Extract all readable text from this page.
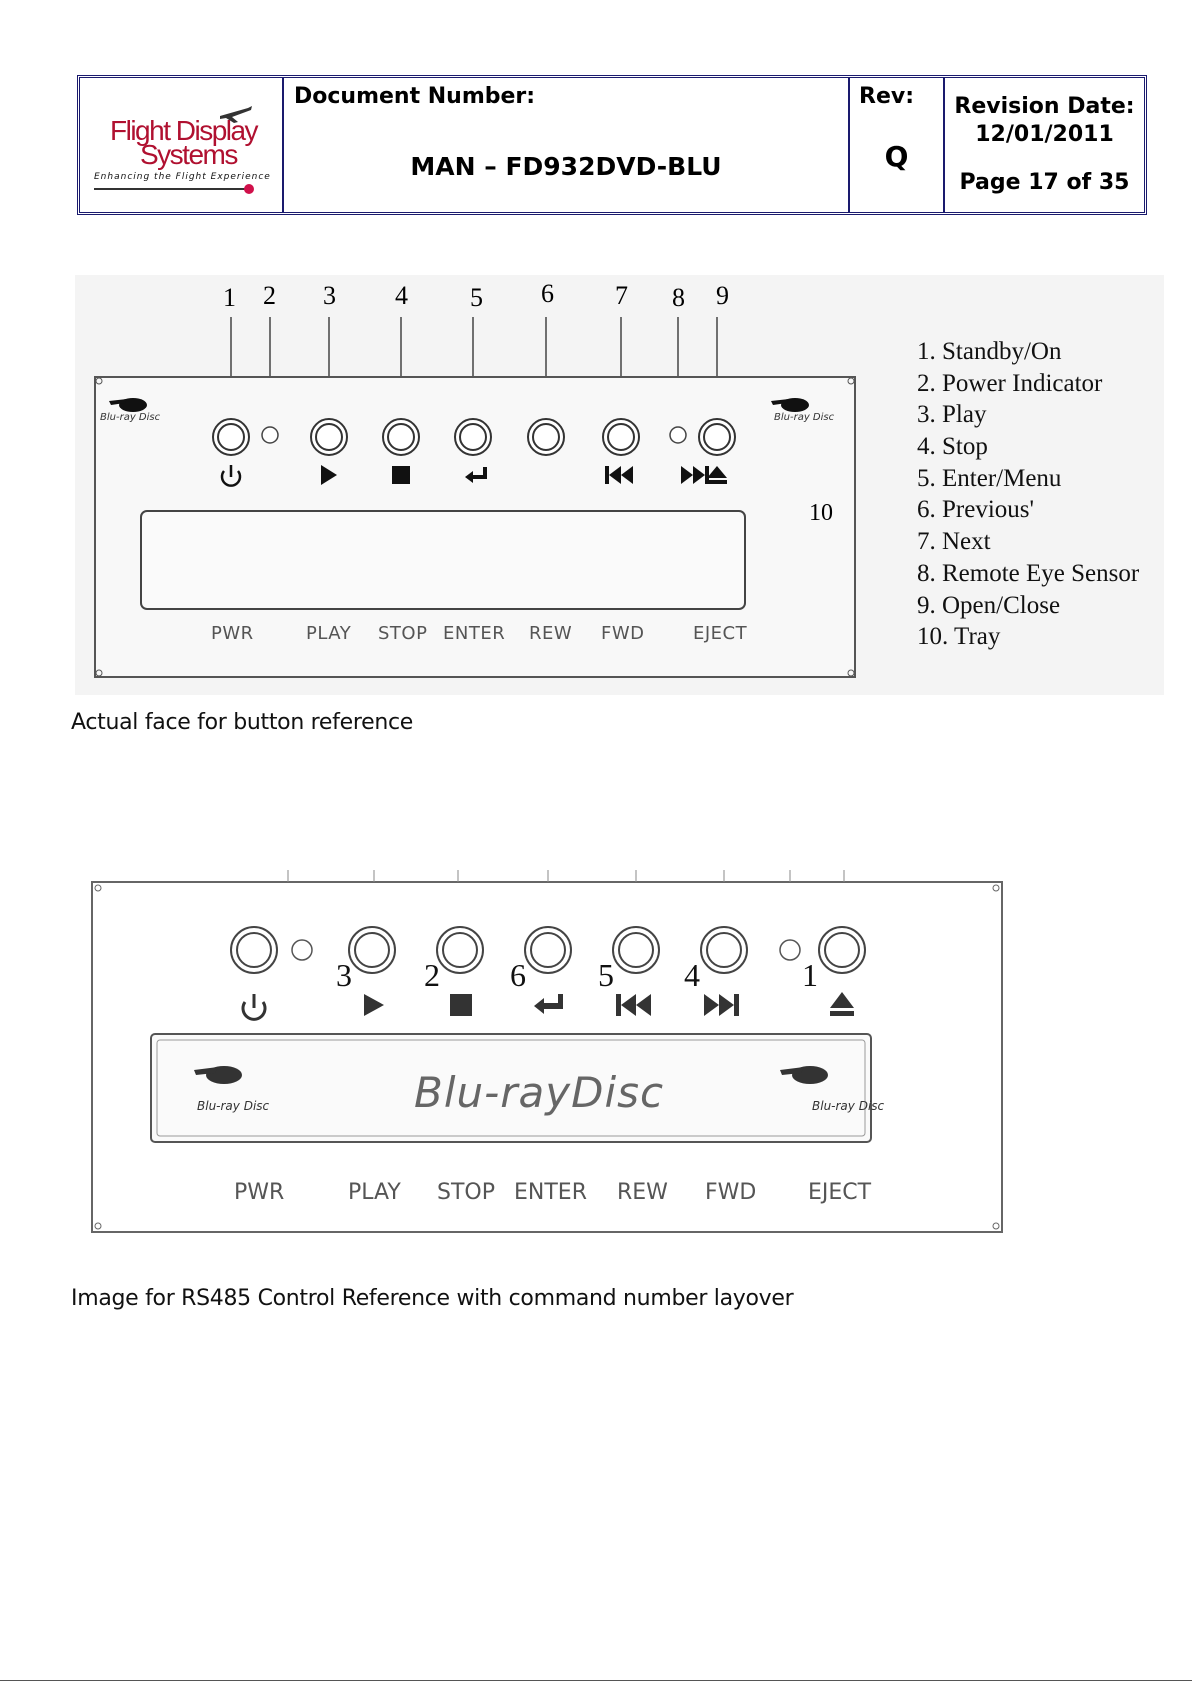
Flight Display
Systems
Enhancing the Flight Experience
Document Number:
MAN – FD932DVD-BLU
Rev:
Q
Revision Date:
12/01/2011
Page 17 of 35
1 2 3 4 5 6 7 8 9
Blu-ray Disc	Blu-ray Disc
10
PWR	PLAY STOP ENTER REW FWD	EJECT
1. Standby/On
2. Power Indicator
3. Play
4. Stop
5. Enter/Menu
6. Previous'
7. Next
8. Remote Eye Sensor
9. Open/Close
10. Tray
Actual face for button reference
Blu-ray Disc	Blu-ray Disc
Blu-rayDisc
3 2 6 5 4	1
PWR	PLAY STOP ENTER REW FWD EJECT
Image for RS485 Control Reference with command number layover
